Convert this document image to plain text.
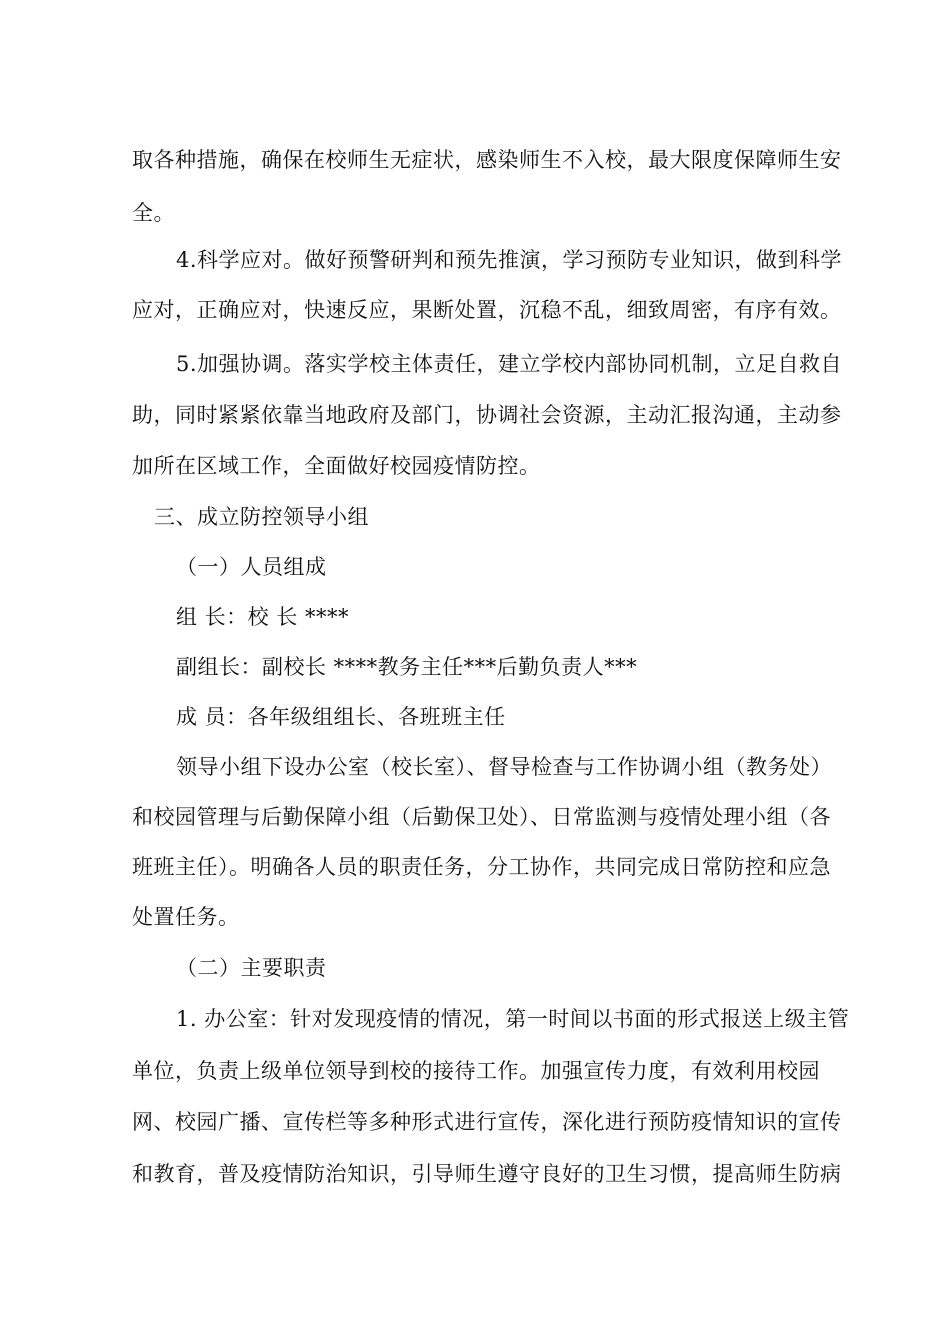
取各种措施，确保在校师生无症状，感染师生不入校，最大限度保障师生安
全。
4.科学应对。做好预警研判和预先推演，学习预防专业知识，做到科学
应对，正确应对，快速反应，果断处置，沉稳不乱，细致周密，有序有效。
5.加强协调。落实学校主体责任，建立学校内部协同机制，立足自救自
助，同时紧紧依靠当地政府及部门，协调社会资源，主动汇报沟通，主动参
加所在区域工作，全面做好校园疫情防控。
三、成立防控领导小组
（一）人员组成
组 长：校 长 ****
副组长：副校长 ****教务主任***后勤负责人***
成 员：各年级组组长、各班班主任
领导小组下设办公室（校长室）、督导检查与工作协调小组（教务处）
和校园管理与后勤保障小组（后勤保卫处）、日常监测与疫情处理小组（各
班班主任）。明确各人员的职责任务，分工协作，共同完成日常防控和应急
处置任务。
（二）主要职责
1. 办公室：针对发现疫情的情况，第一时间以书面的形式报送上级主管
单位，负责上级单位领导到校的接待工作。加强宣传力度，有效利用校园
网、校园广播、宣传栏等多种形式进行宣传，深化进行预防疫情知识的宣传
和教育，普及疫情防治知识，引导师生遵守良好的卫生习惯，提高师生防病
